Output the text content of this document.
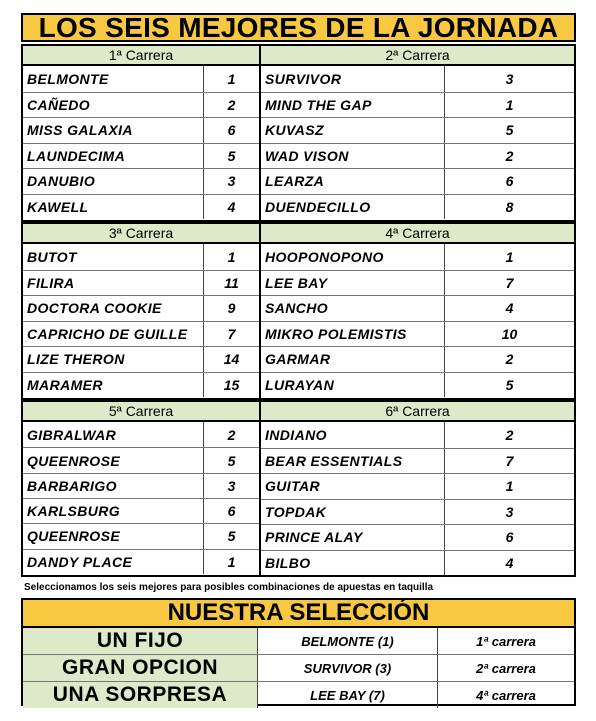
LOS SEIS MEJORES DE LA JORNADA
1ª Carrera
BELMONTE	1
CAÑEDO	2
MISS GALAXIA	6
LAUNDECIMA	5
DANUBIO	3
KAWELL	4
2ª Carrera
SURVIVOR	3
MIND THE GAP	1
KUVASZ	5
WAD VISON	2
LEARZA	6
DUENDECILLO	8
3ª Carrera
BUTOT	1
FILIRA	11
DOCTORA COOKIE	9
CAPRICHO DE GUILLE	7
LIZE THERON	14
MARAMER	15
4ª Carrera
HOOPONOPONO	1
LEE BAY	7
SANCHO	4
MIKRO POLEMISTIS	10
GARMAR	2
LURAYAN	5
5ª Carrera
GIBRALWAR	2
QUEENROSE	5
BARBARIGO	3
KARLSBURG	6
QUEENROSE	5
DANDY PLACE	1
6ª Carrera
INDIANO	2
BEAR ESSENTIALS	7
GUITAR	1
TOPDAK	3
PRINCE ALAY	6
BILBO	4
Seleccionamos los seis mejores para posibles combinaciones de apuestas en taquilla
NUESTRA SELECCIÓN
UN FIJO	BELMONTE (1)	1ª carrera
GRAN OPCION	SURVIVOR (3)	2ª carrera
UNA SORPRESA	LEE BAY (7)	4ª carrera
